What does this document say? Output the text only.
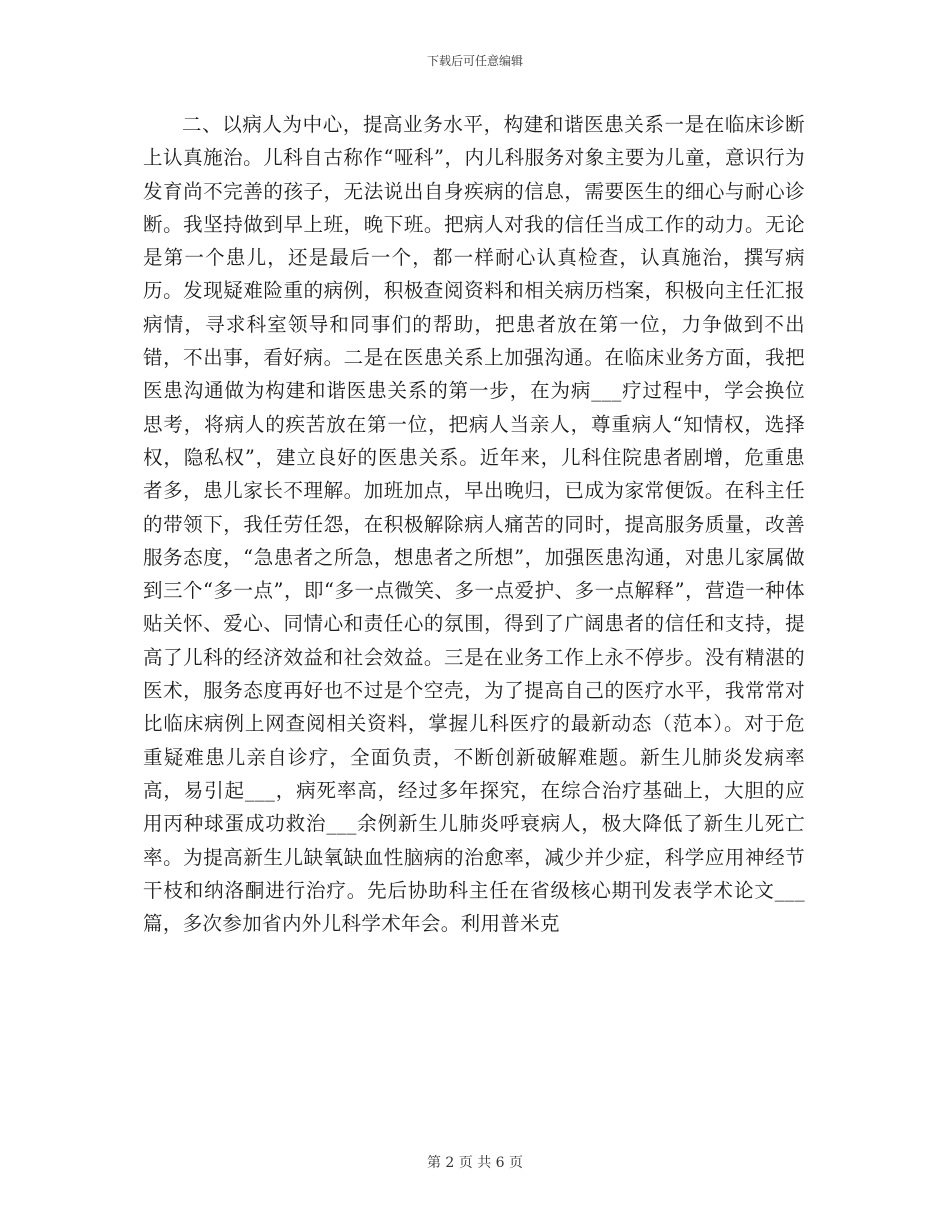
下载后可任意编辑

二、以病人为中心，提高业务水平，构建和谐医患关系一是在临床诊断上认真施治。儿科自古称作“哑科”，内儿科服务对象主要为儿童，意识行为发育尚不完善的孩子，无法说出自身疾病的信息，需要医生的细心与耐心诊断。我坚持做到早上班，晚下班。把病人对我的信任当成工作的动力。无论是第一个患儿，还是最后一个，都一样耐心认真检查，认真施治，撰写病历。发现疑难险重的病例，积极查阅资料和相关病历档案，积极向主任汇报病情，寻求科室领导和同事们的帮助，把患者放在第一位，力争做到不出错，不出事，看好病。二是在医患关系上加强沟通。在临床业务方面，我把医患沟通做为构建和谐医患关系的第一步，在为病___疗过程中，学会换位思考，将病人的疾苦放在第一位，把病人当亲人，尊重病人“知情权，选择权，隐私权”，建立良好的医患关系。近年来，儿科住院患者剧增，危重患者多，患儿家长不理解。加班加点，早出晚归，已成为家常便饭。在科主任的带领下，我任劳任怨，在积极解除病人痛苦的同时，提高服务质量，改善服务态度，“急患者之所急，想患者之所想”，加强医患沟通，对患儿家属做到三个“多一点”，即“多一点微笑、多一点爱护、多一点解释”，营造一种体贴关怀、爱心、同情心和责任心的氛围，得到了广阔患者的信任和支持，提高了儿科的经济效益和社会效益。三是在业务工作上永不停步。没有精湛的医术，服务态度再好也不过是个空壳，为了提高自己的医疗水平，我常常对比临床病例上网查阅相关资料，掌握儿科医疗的最新动态（范本）。对于危重疑难患儿亲自诊疗，全面负责，不断创新破解难题。新生儿肺炎发病率高，易引起___，病死率高，经过多年探究，在综合治疗基础上，大胆的应用丙种球蛋成功救治___余例新生儿肺炎呼衰病人，极大降低了新生儿死亡率。为提高新生儿缺氧缺血性脑病的治愈率，减少并少症，科学应用神经节干枝和纳洛酮进行治疗。先后协助科主任在省级核心期刊发表学术论文___篇，多次参加省内外儿科学术年会。利用普米克

第 2 页 共 6 页
